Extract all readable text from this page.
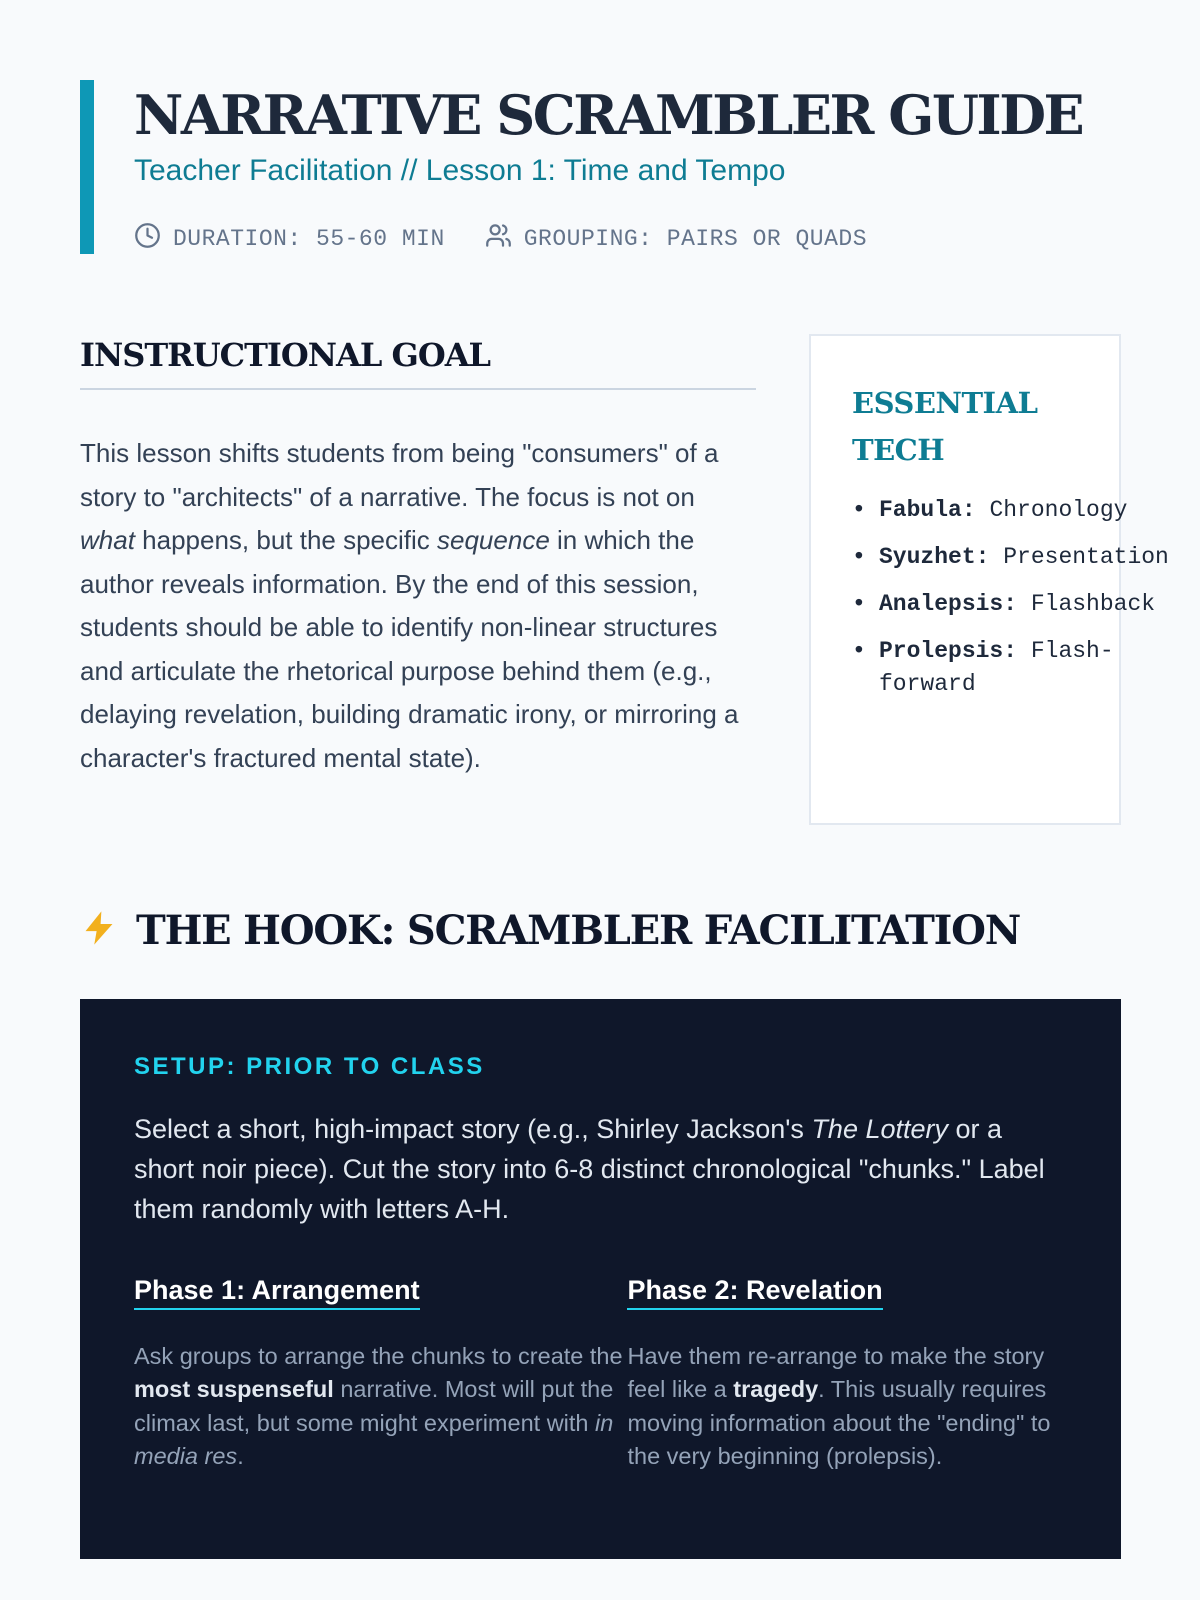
NARRATIVE SCRAMBLER GUIDE
Teacher Facilitation // Lesson 1: Time and Tempo
DURATION: 55-60 MIN	GROUPING: PAIRS OR QUADS
INSTRUCTIONAL GOAL

This lesson shifts students from being "consumers" of a story to "architects" of a narrative. The focus is not on what happens, but the specific sequence in which the author reveals information. By the end of this session, students should be able to identify non-linear structures and articulate the rhetorical purpose behind them (e.g., delaying revelation, building dramatic irony, or mirroring a character's fractured mental state).

ESSENTIAL TECH
• Fabula: Chronology
• Syuzhet: Presentation
• Analepsis: Flashback
• Prolepsis: Flash-forward
THE HOOK: SCRAMBLER FACILITATION
SETUP: PRIOR TO CLASS

Select a short, high-impact story (e.g., Shirley Jackson's The Lottery or a short noir piece). Cut the story into 6-8 distinct chronological "chunks." Label them randomly with letters A-H.

Phase 1: Arrangement

Ask groups to arrange the chunks to create the most suspenseful narrative. Most will put the climax last, but some might experiment with in media res.

Phase 2: Revelation

Have them re-arrange to make the story feel like a tragedy. This usually requires moving information about the "ending" to the very beginning (prolepsis).
